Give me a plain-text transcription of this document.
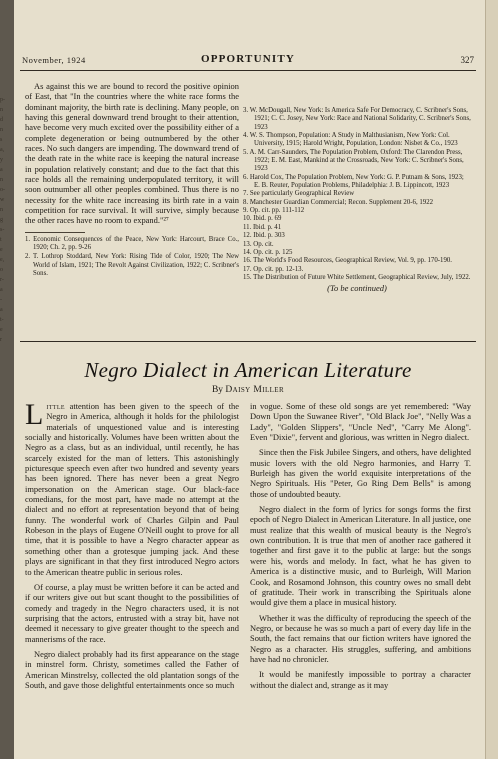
p-
n
d
n
s
a,
y
a
n
o-
w
n
g
s-
t
e
e,
o
r-
a
-
a
t-
e
r
November, 1924	OPPORTUNITY	327

As against this we are bound to record the positive opinion of East, that "In the countries where the white race forms the dominant majority, the birth rate is declining. Many people, on having this general downward trend brought to their attention, have become very much excited over the possibility either of a complete degeneration or being outnumbered by the other races. No such dangers are impending. The downward trend of the death rate in the white race is keeping the natural increase in population relatively constant; and due to the fact that this race holds all the remaining underpopulated territory, it will soon outnumber all other peoples combined. Thus there is no necessity for the white race increasing its birth rate in a vain competition for race survival. It will survive, simply because the other races have no room to expand."²⁷

1. Economic Consequences of the Peace, New York: Harcourt, Brace Co., 1920; Ch. 2, pp. 9-26

2. T. Lothrop Stoddard, New York: Rising Tide of Color, 1920; The New World of Islam, 1921; The Revolt Against Civilization, 1922; C. Scribner's Sons.

3. W. McDougall, New York: Is America Safe For Democracy, C. Scribner's Sons, 1921; C. C. Josey, New York: Race and National Solidarity, C. Scribner's Sons, 1923
4. W. S. Thompson, Population: A Study in Malthusianism, New York: Col. University, 1915; Harold Wright, Population, London: Nisbet & Co., 1923
5. A. M. Carr-Saunders, The Population Problem, Oxford: The Clarendon Press, 1922; E. M. East, Mankind at the Crossroads, New York: C. Scribner's Sons, 1923
6. Harold Cox, The Population Problem, New York: G. P. Putnam & Sons, 1923; E. B. Reuter, Population Problems, Philadelphia: J. B. Lippincott, 1923
7. See particularly Geographical Review
8. Manchester Guardian Commercial; Recon. Supplement 20-6, 1922
9. Op. cit. pp. 111-112
10. Ibid. p. 69
11. Ibid. p. 41
12. Ibid. p. 303
13. Op. cit.
14. Op. cit. p. 125
16. The World's Food Resources, Geographical Review, Vol. 9, pp. 170-190.
17. Op. cit. pp. 12-13.
15. The Distribution of Future White Settlement, Geographical Review, July, 1922.
(To be continued)
Negro Dialect in American Literature
By Daisy Miller

Little attention has been given to the speech of the Negro in America, although it holds for the philologist materials of unquestioned value and is interesting socially and historically. Volumes have been written about the Negro as a class, but as an individual, until recently, he has scarcely existed for the man of letters. This astonishingly picturesque speech even after two hundred and seventy years has been ignored. There has never been a great Negro impersonation on the American stage. Our black-face comedians, for the most part, have made no attempt at the dialect and no effort at representation beyond that of being funny. The wonderful work of Charles Gilpin and Paul Robeson in the plays of Eugene O'Neill ought to prove for all time, that it is possible to have a Negro character appear as something other than a grotesque jumping jack. And these plays are significant in that they first introduced Negro actors to the American theatre public in serious roles.

Of course, a play must be written before it can be acted and if our writers give out but scant thought to the possibilities of comedy and tragedy in the Negro characters used, it is not surprising that the actors, entrusted with a stray bit, have not deemed it necessary to give greater thought to the speech and mannerisms of the race.

Negro dialect probably had its first appearance on the stage in minstrel form. Christy, sometimes called the Father of American Minstrelsy, collected the old plantation songs of the South, and gave those delightful entertainments once so much

in vogue. Some of these old songs are yet remembered: "Way Down Upon the Suwanee River", "Old Black Joe", "Nelly Was a Lady", "Golden Slippers", "Uncle Ned", "Carry Me Along". Even "Dixie", fervent and glorious, was written in Negro dialect.

Since then the Fisk Jubilee Singers, and others, have delighted music lovers with the old Negro harmonies, and Harry T. Burleigh has given the world exquisite interpretations of the Negro Spirituals. His "Peter, Go Ring Dem Bells" is among those of undoubted beauty.

Negro dialect in the form of lyrics for songs forms the first epoch of Negro Dialect in American Literature. In all justice, one must realize that this wealth of musical beauty is the Negro's own contribution. It is true that men of another race gathered it together and first gave it to the public at large: but the songs were his, words and melody. In fact, what he has given to America is a distinctive music, and to Burleigh, Will Marion Cook, and Rosamond Johnson, this country owes no small debt of gratitude. Their work in transcribing the Spirituals alone would give them a place in musical history.

Whether it was the difficulty of reproducing the speech of the Negro, or because he was so much a part of every day life in the South, the fact remains that our fiction writers have ignored the Negro as a character. His struggles, suffering, and ambitions have had no chronicler.

It would be manifestly impossible to portray a character without the dialect and, strange as it may
